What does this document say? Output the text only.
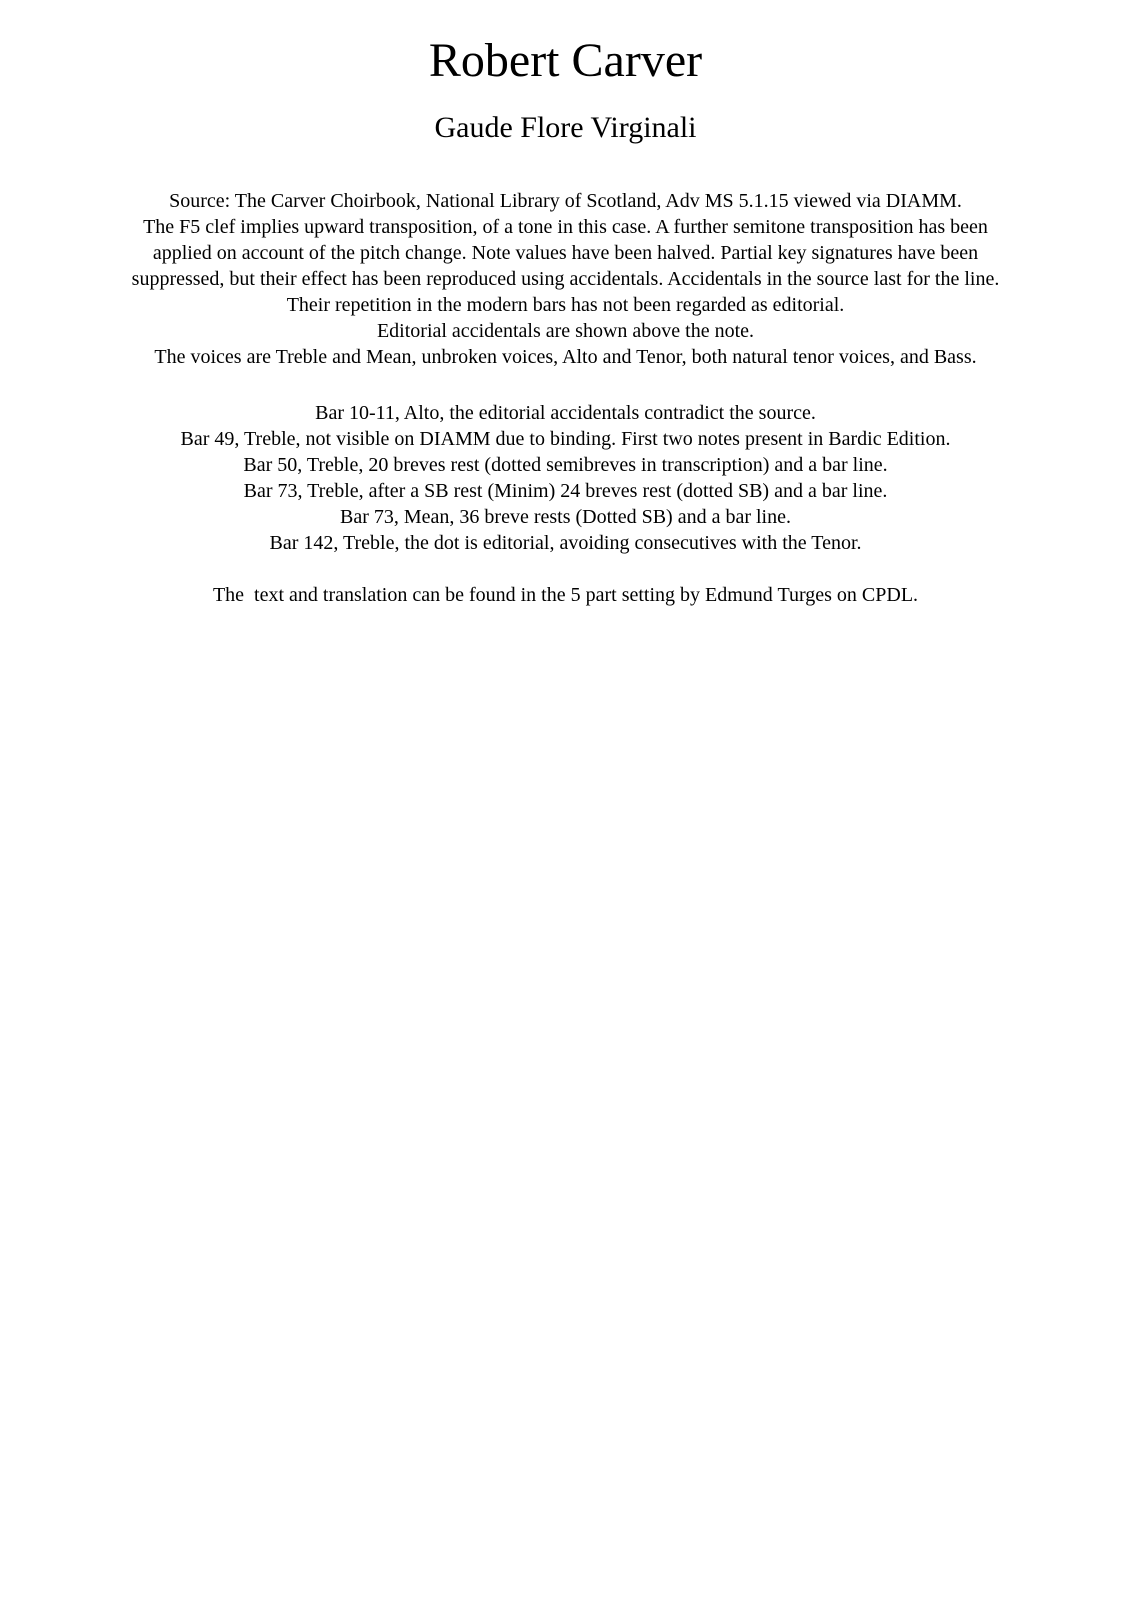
Robert Carver
Gaude Flore Virginali
Source: The Carver Choirbook, National Library of Scotland, Adv MS 5.1.15 viewed via DIAMM.
The F5 clef implies upward transposition, of a tone in this case. A further semitone transposition has been
applied on account of the pitch change. Note values have been halved. Partial key signatures have been
suppressed, but their effect has been reproduced using accidentals. Accidentals in the source last for the line.
Their repetition in the modern bars has not been regarded as editorial.
Editorial accidentals are shown above the note.
The voices are Treble and Mean, unbroken voices, Alto and Tenor, both natural tenor voices, and Bass.
Bar 10-11, Alto, the editorial accidentals contradict the source.
Bar 49, Treble, not visible on DIAMM due to binding. First two notes present in Bardic Edition.
Bar 50, Treble, 20 breves rest (dotted semibreves in transcription) and a bar line.
Bar 73, Treble, after a SB rest (Minim) 24 breves rest (dotted SB) and a bar line.
Bar 73, Mean, 36 breve rests (Dotted SB) and a bar line.
Bar 142, Treble, the dot is editorial, avoiding consecutives with the Tenor.
The  text and translation can be found in the 5 part setting by Edmund Turges on CPDL.
